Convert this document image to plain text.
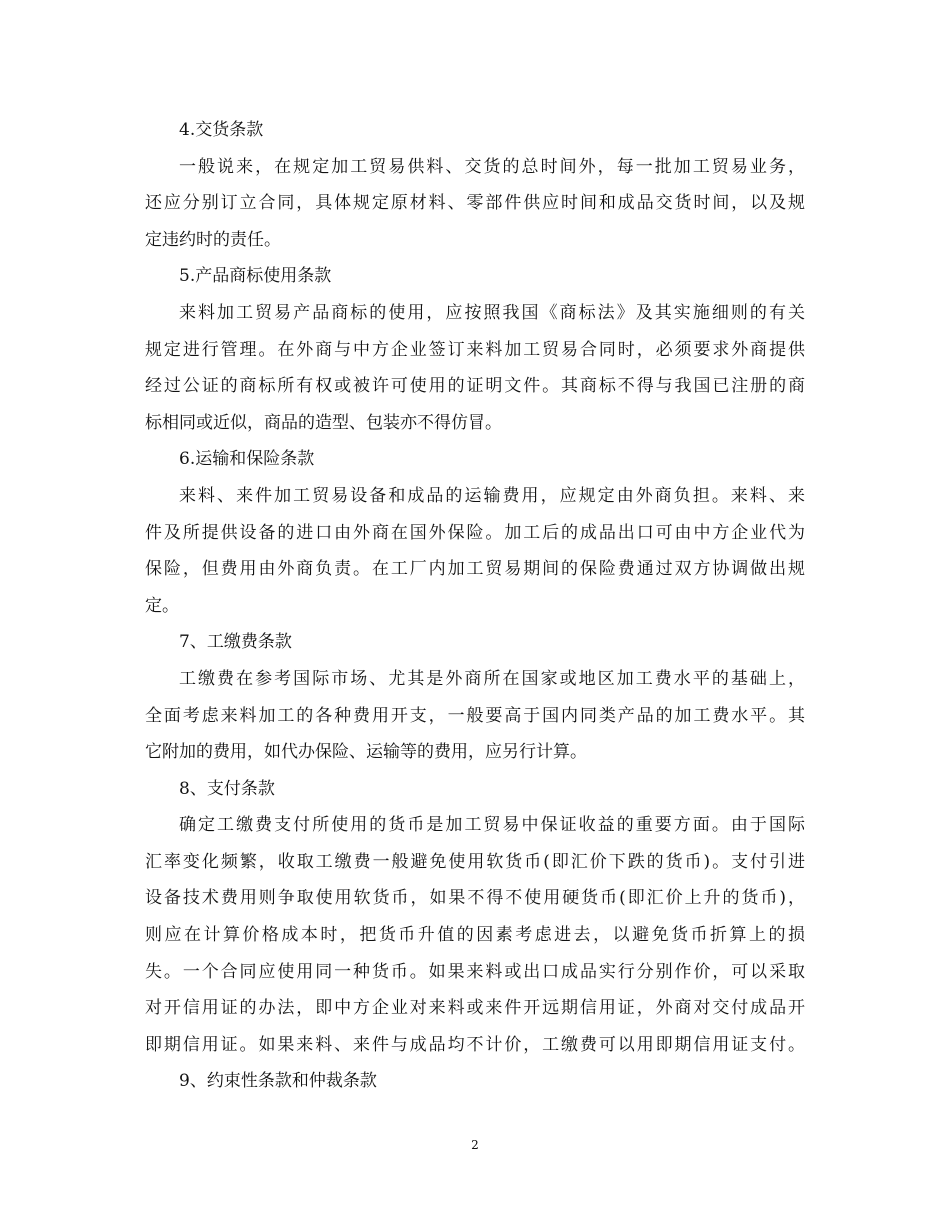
4.交货条款
一般说来，在规定加工贸易供料、交货的总时间外，每一批加工贸易业务，
还应分别订立合同，具体规定原材料、零部件供应时间和成品交货时间，以及规
定违约时的责任。
5.产品商标使用条款
来料加工贸易产品商标的使用，应按照我国《商标法》及其实施细则的有关
规定进行管理。在外商与中方企业签订来料加工贸易合同时，必须要求外商提供
经过公证的商标所有权或被许可使用的证明文件。其商标不得与我国已注册的商
标相同或近似，商品的造型、包装亦不得仿冒。
6.运输和保险条款
来料、来件加工贸易设备和成品的运输费用，应规定由外商负担。来料、来
件及所提供设备的进口由外商在国外保险。加工后的成品出口可由中方企业代为
保险，但费用由外商负责。在工厂内加工贸易期间的保险费通过双方协调做出规
定。
7、工缴费条款
工缴费在参考国际市场、尤其是外商所在国家或地区加工费水平的基础上，
全面考虑来料加工的各种费用开支，一般要高于国内同类产品的加工费水平。其
它附加的费用，如代办保险、运输等的费用，应另行计算。
8、支付条款
确定工缴费支付所使用的货币是加工贸易中保证收益的重要方面。由于国际
汇率变化频繁，收取工缴费一般避免使用软货币(即汇价下跌的货币)。支付引进
设备技术费用则争取使用软货币，如果不得不使用硬货币(即汇价上升的货币)，
则应在计算价格成本时，把货币升值的因素考虑进去，以避免货币折算上的损
失。一个合同应使用同一种货币。如果来料或出口成品实行分别作价，可以采取
对开信用证的办法，即中方企业对来料或来件开远期信用证，外商对交付成品开
即期信用证。如果来料、来件与成品均不计价，工缴费可以用即期信用证支付。
9、约束性条款和仲裁条款
2
